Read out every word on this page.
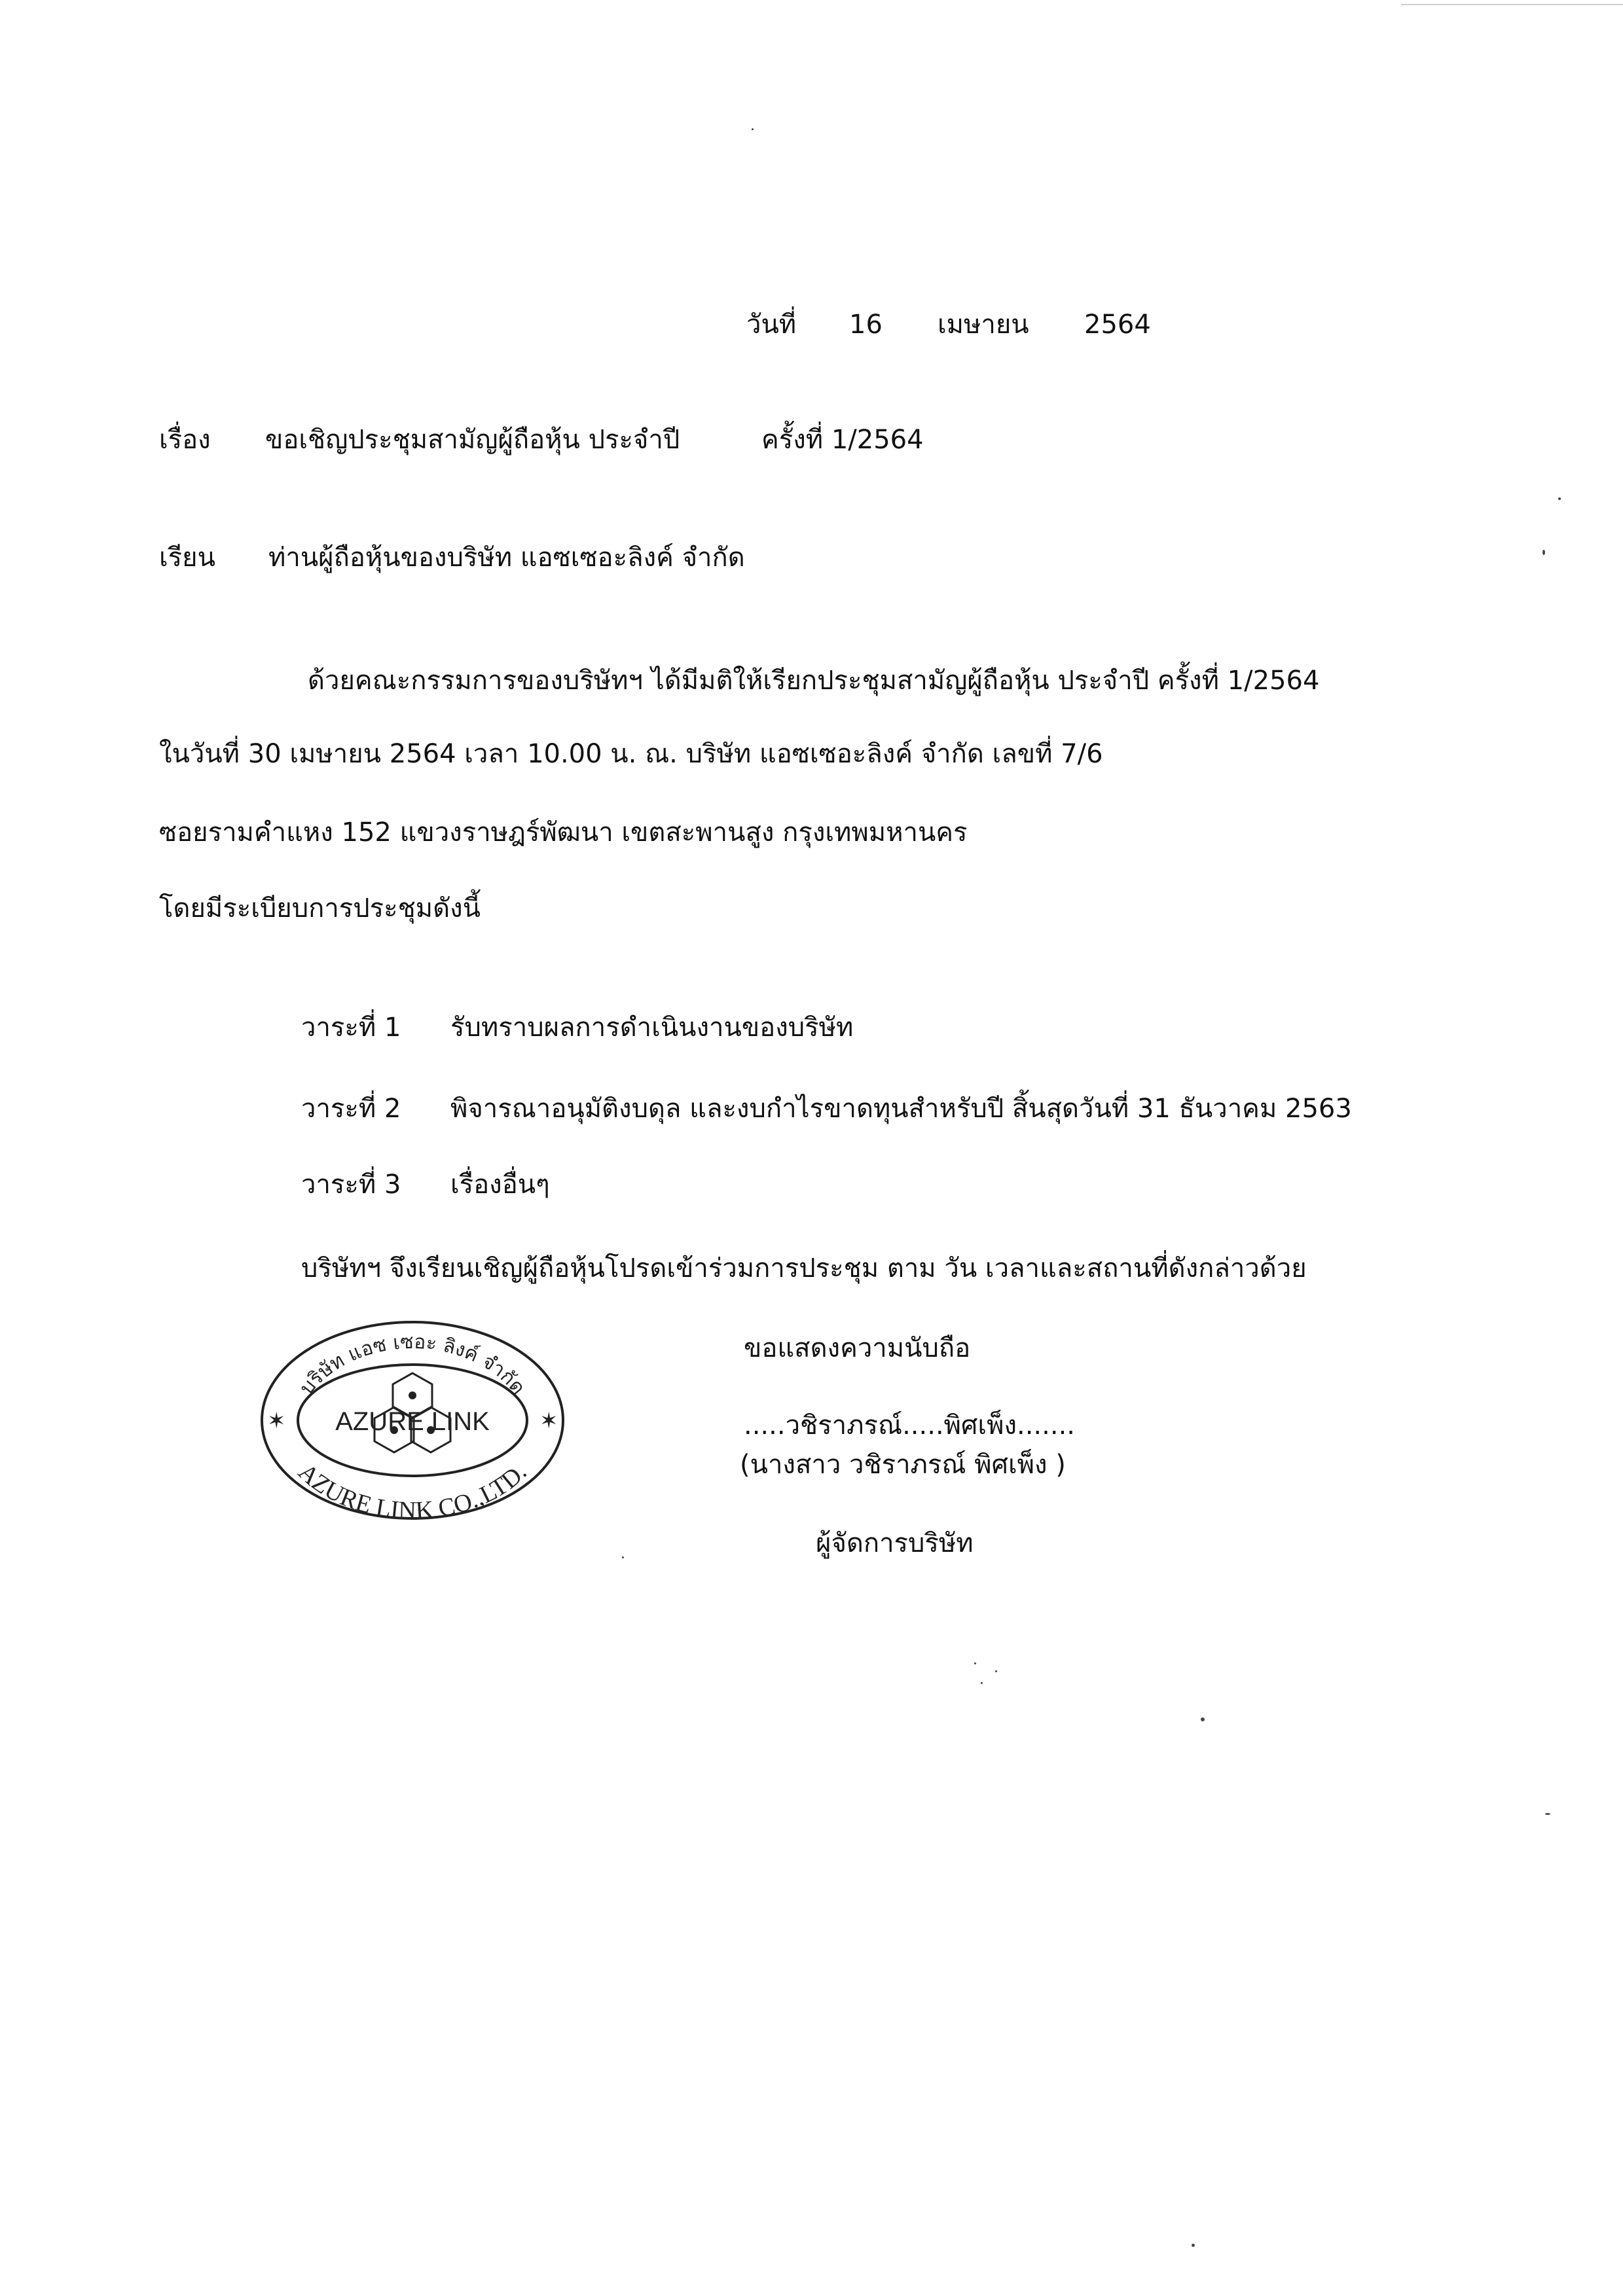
วันที่ 16 เมษายน 2564
เรื่อง ขอเชิญประชุมสามัญผู้ถือหุ้น ประจำปี	ครั้งที่ 1/2564
เรียน ท่านผู้ถือหุ้นของบริษัท แอซเซอะลิงค์ จำกัด
ด้วยคณะกรรมการของบริษัทฯ ได้มีมติให้เรียกประชุมสามัญผู้ถือหุ้น ประจำปี ครั้งที่ 1/2564
ในวันที่ 30 เมษายน 2564 เวลา 10.00 น. ณ. บริษัท แอซเซอะลิงค์ จำกัด เลขที่ 7/6
ซอยรามคำแหง 152 แขวงราษฎร์พัฒนา เขตสะพานสูง กรุงเทพมหานคร
โดยมีระเบียบการประชุมดังนี้
วาระที่ 1 รับทราบผลการดำเนินงานของบริษัท
วาระที่ 2 พิจารณาอนุมัติงบดุล และงบกำไรขาดทุนสำหรับปี สิ้นสุดวันที่ 31 ธันวาคม 2563
วาระที่ 3 เรื่องอื่นๆ
บริษัทฯ จึงเรียนเชิญผู้ถือหุ้นโปรดเข้าร่วมการประชุม ตาม วัน เวลาและสถานที่ดังกล่าวด้วย
ขอแสดงความนับถือ
.....วชิราภรณ์.....พิศเพ็ง.......
(นางสาว วชิราภรณ์ พิศเพ็ง )
ผู้จัดการบริษัท
AZURE LINK
บริษัท แอซ เซอะ ลิงค์ จำกัด
AZURE LINK CO.,LTD.
✶	✶
